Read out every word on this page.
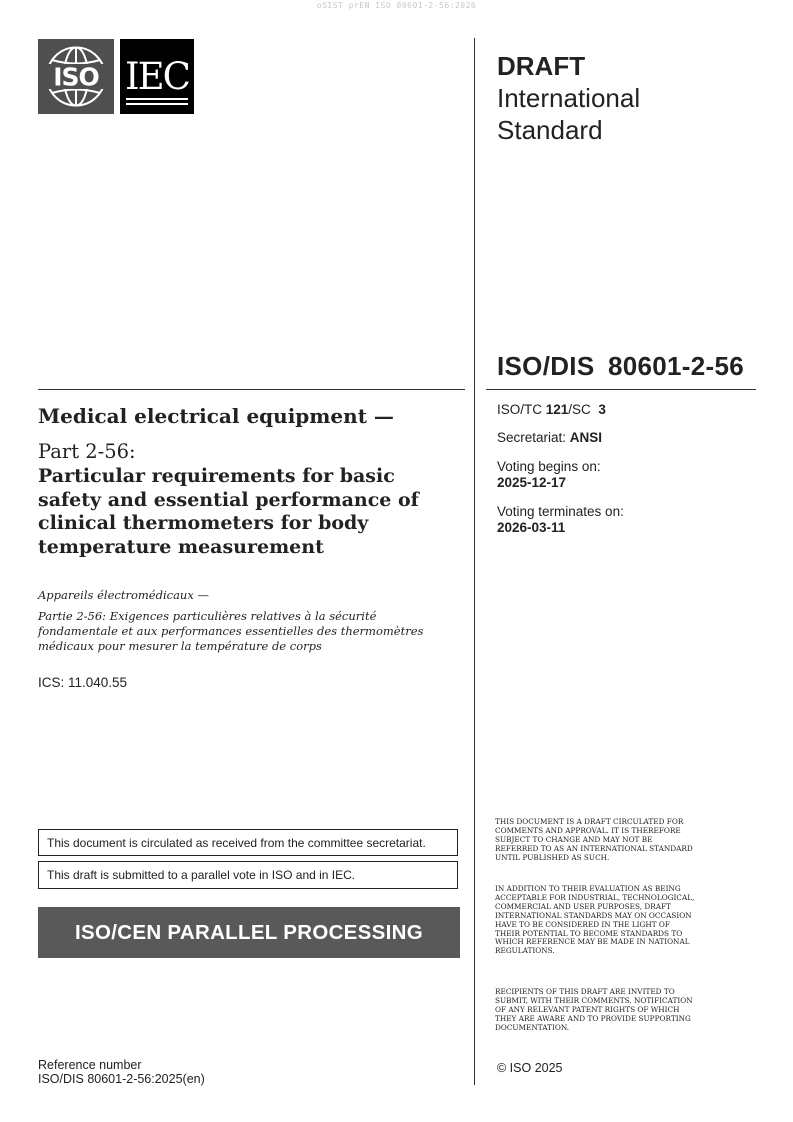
oSIST prEN ISO 80601-2-56:2026
ISO IEC	DRAFT
International
Standard
ISO/DIS 80601-2-56
ISO/TC 121/SC  3
Secretariat: ANSI
Voting begins on:
2025-12-17
Voting terminates on:
2026-03-11
Medical electrical equipment —
Part 2-56:
Particular requirements for basic safety and essential performance of clinical thermometers for body temperature measurement
Appareils électromédicaux —
Partie 2-56: Exigences particulières relatives à la sécurité fondamentale et aux performances essentielles des thermomètres médicaux pour mesurer la température de corps
ICS: 11.040.55
This document is circulated as received from the committee secretariat.
This draft is submitted to a parallel vote in ISO and in IEC.
ISO/CEN PARALLEL PROCESSING
THIS DOCUMENT IS A DRAFT CIRCULATED FOR COMMENTS AND APPROVAL. IT IS THEREFORE SUBJECT TO CHANGE AND MAY NOT BE REFERRED TO AS AN INTERNATIONAL STANDARD UNTIL PUBLISHED AS SUCH.
IN ADDITION TO THEIR EVALUATION AS BEING ACCEPTABLE FOR INDUSTRIAL, TECHNOLOGICAL, COMMERCIAL AND USER PURPOSES, DRAFT INTERNATIONAL STANDARDS MAY ON OCCASION HAVE TO BE CONSIDERED IN THE LIGHT OF THEIR POTENTIAL TO BECOME STANDARDS TO WHICH REFERENCE MAY BE MADE IN NATIONAL REGULATIONS.
RECIPIENTS OF THIS DRAFT ARE INVITED TO SUBMIT, WITH THEIR COMMENTS, NOTIFICATION OF ANY RELEVANT PATENT RIGHTS OF WHICH THEY ARE AWARE AND TO PROVIDE SUPPORTING DOCUMENTATION.
© ISO 2025
Reference number
ISO/DIS 80601-2-56:2025(en)
